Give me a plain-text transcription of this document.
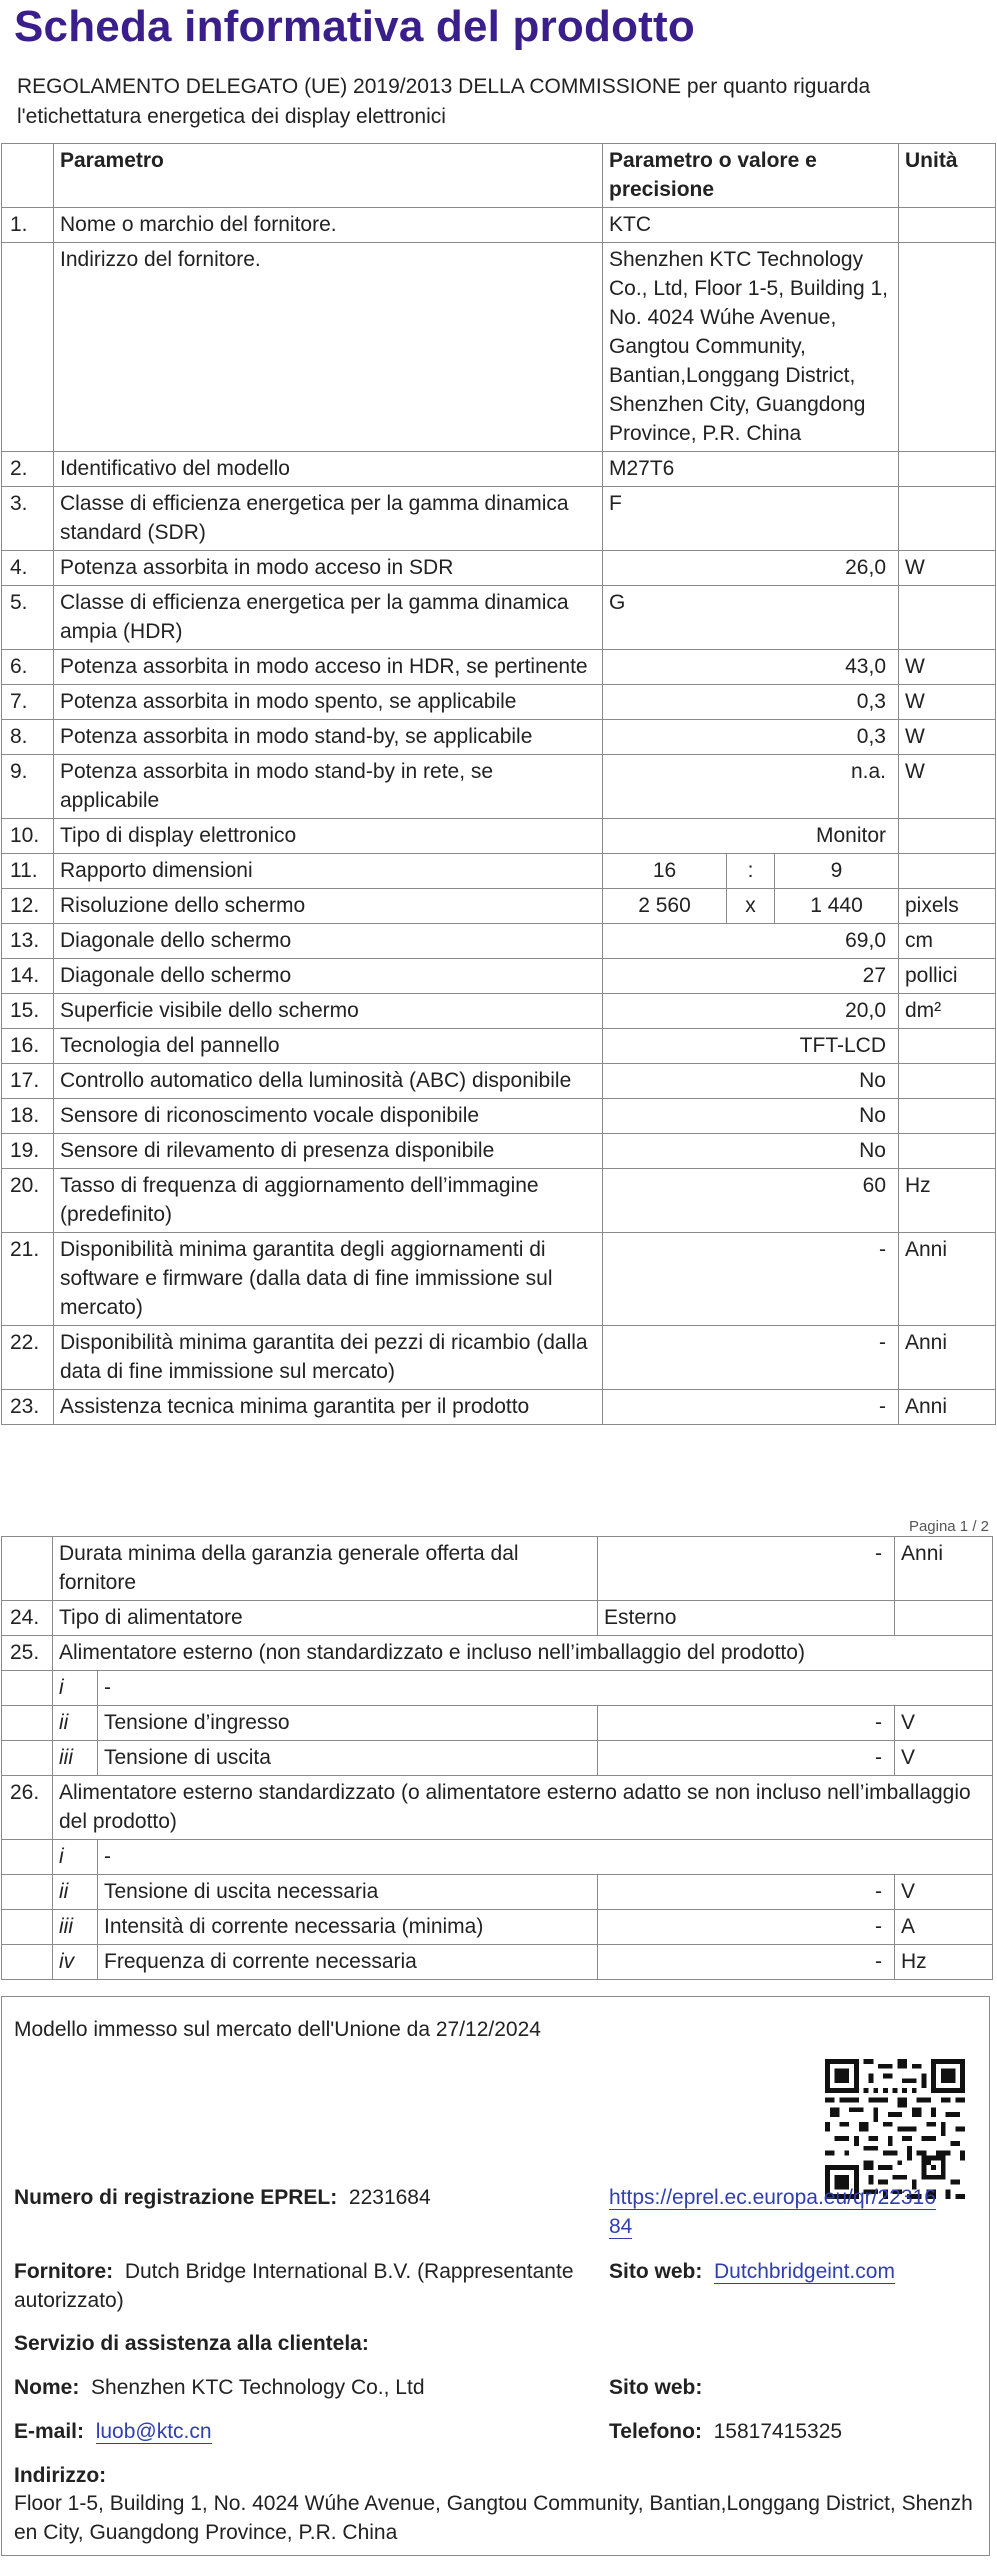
Scheda informativa del prodotto
REGOLAMENTO DELEGATO (UE) 2019/2013 DELLA COMMISSIONE per quanto riguarda l'etichettatura energetica dei display elettronici
	Parametro	Parametro o valore e precisione			Unità
1.	Nome o marchio del fornitore.	KTC			
	Indirizzo del fornitore.	Shenzhen KTC Technology Co., Ltd, Floor 1-5, Building 1, No. 4024 Wúhe Avenue, Gangtou Community, Bantian,Longgang District, Shenzhen City, Guangdong Province, P.R. China			
2.	Identificativo del modello	M27T6			
3.	Classe di efficienza energetica per la gamma dinamica standard (SDR)	F			
4.	Potenza assorbita in modo acceso in SDR	26,0			W
5.	Classe di efficienza energetica per la gamma dinamica ampia (HDR)	G			
6.	Potenza assorbita in modo acceso in HDR, se pertinente	43,0			W
7.	Potenza assorbita in modo spento, se applicabile	0,3			W
8.	Potenza assorbita in modo stand-by, se applicabile	0,3			W
9.	Potenza assorbita in modo stand-by in rete, se applicabile	n.a.			W
10.	Tipo di display elettronico	Monitor			
11.	Rapporto dimensioni	16	:	9	
12.	Risoluzione dello schermo	2 560	x	1 440	pixels
13.	Diagonale dello schermo	69,0			cm
14.	Diagonale dello schermo	27			pollici
15.	Superficie visibile dello schermo	20,0			dm²
16.	Tecnologia del pannello	TFT-LCD			
17.	Controllo automatico della luminosità (ABC) disponibile	No			
18.	Sensore di riconoscimento vocale disponibile	No			
19.	Sensore di rilevamento di presenza disponibile	No			
20.	Tasso di frequenza di aggiornamento dell’immagine (predefinito)	60			Hz
21.	Disponibilità minima garantita degli aggiornamenti di software e firmware (dalla data di fine immissione sul mercato)	-			Anni
22.	Disponibilità minima garantita dei pezzi di ricambio (dalla data di fine immissione sul mercato)	-			Anni
23.	Assistenza tecnica minima garantita per il prodotto	-			Anni
Pagina 1 / 2
	Durata minima della garanzia generale offerta dal fornitore		-	Anni
24.	Tipo di alimentatore		Esterno	
25.	Alimentatore esterno (non standardizzato e incluso nell’imballaggio del prodotto)			
	i	-		
	ii	Tensione d’ingresso	-	V
	iii	Tensione di uscita	-	V
26.	Alimentatore esterno standardizzato (o alimentatore esterno adatto se non incluso nell’imballaggio del prodotto)			
	i	-		
	ii	Tensione di uscita necessaria	-	V
	iii	Intensità di corrente necessaria (minima)	-	A
	iv	Frequenza di corrente necessaria	-	Hz
Modello immesso sul mercato dell'Unione da 27/12/2024
Numero di registrazione EPREL: 2231684	https://eprel.ec.europa.eu/qr/2231684
Fornitore: Dutch Bridge International B.V. (Rappresentante autorizzato)
Sito web: Dutchbridgeint.com
Servizio di assistenza alla clientela:
Nome: Shenzhen KTC Technology Co., Ltd	Sito web:
E-mail: luob@ktc.cn	Telefono: 15817415325
Indirizzo:
Floor 1-5, Building 1, No. 4024 Wúhe Avenue, Gangtou Community, Bantian,Longgang District, Shenzhen City, Guangdong Province, P.R. China
